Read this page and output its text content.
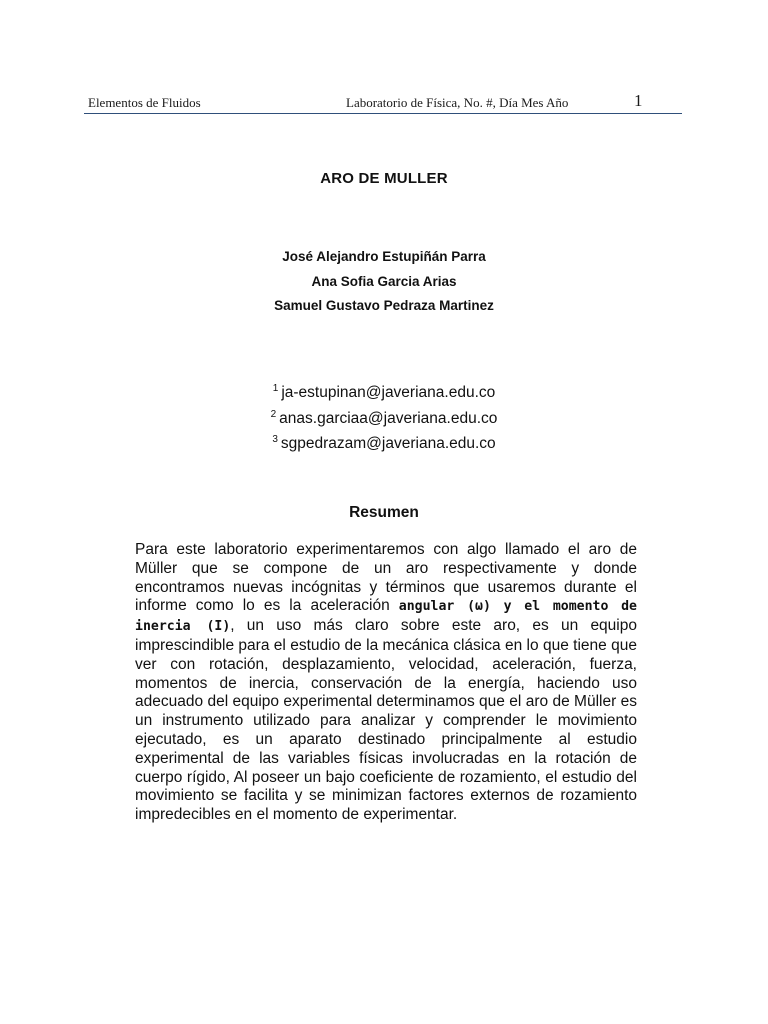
Elementos de Fluidos	Laboratorio de Física, No. #, Día Mes Año	1
ARO DE MULLER
José Alejandro Estupiñán Parra
Ana Sofia Garcia Arias
Samuel Gustavo Pedraza Martinez
$^1$ ja-estupinan@javeriana.edu.co
$^2$ anas.garciaa@javeriana.edu.co
$^3$ sgpedrazam@javeriana.edu.co
Resumen
Para este laboratorio experimentaremos con algo llamado el aro de Müller que se compone de un aro respectivamente y donde encontramos nuevas incógnitas y términos que usaremos durante el informe como lo es la aceleración angular (ω) y el momento de inercia (I), un uso más claro sobre este aro, es un equipo imprescindible para el estudio de la mecánica clásica en lo que tiene que ver con rotación, desplazamiento, velocidad, aceleración, fuerza, momentos de inercia, conservación de la energía, haciendo uso adecuado del equipo experimental determinamos que el aro de Müller es un instrumento utilizado para analizar y comprender le movimiento ejecutado, es un aparato destinado principalmente al estudio experimental de las variables físicas involucradas en la rotación de cuerpo rígido, Al poseer un bajo coeficiente de rozamiento, el estudio del movimiento se facilita y se minimizan factores externos de rozamiento impredecibles en el momento de experimentar.
